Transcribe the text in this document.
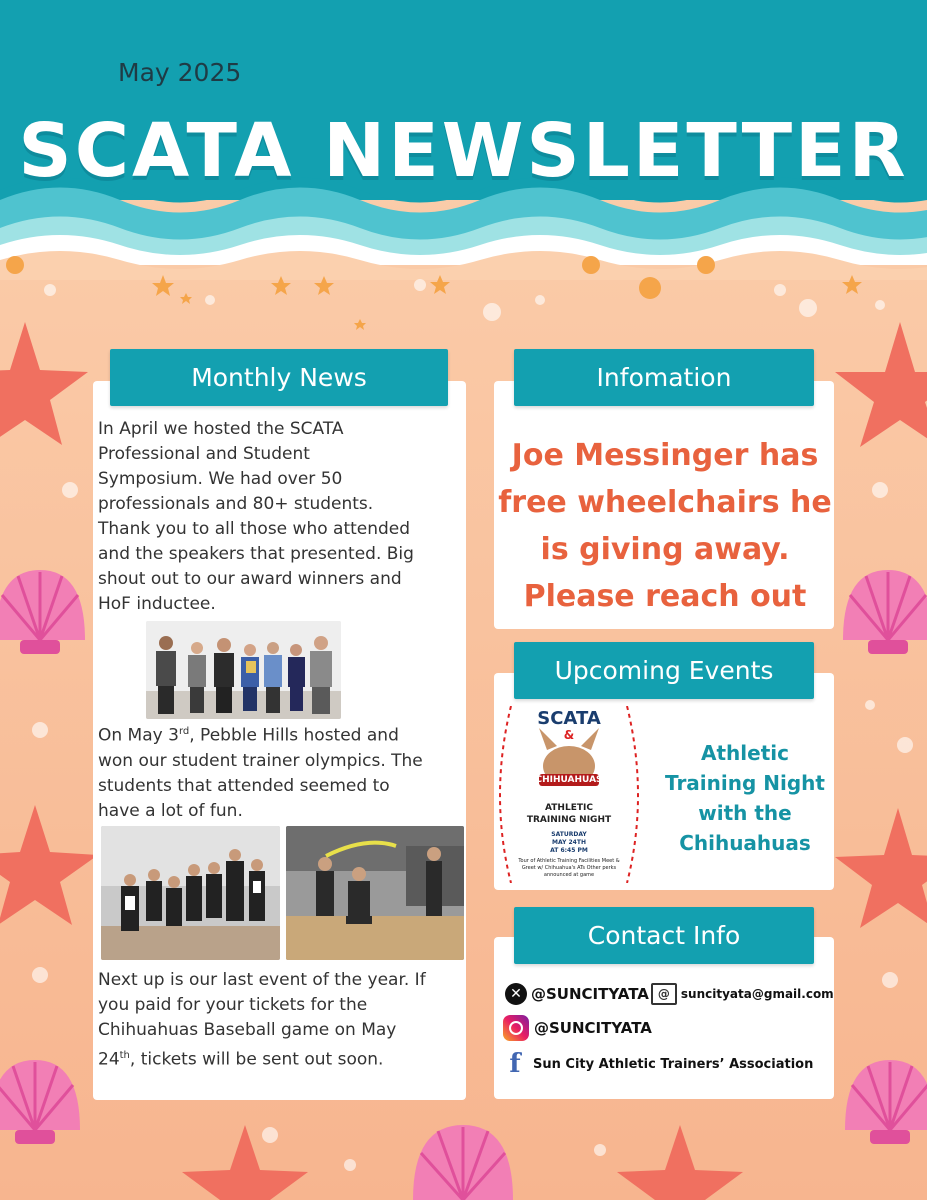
May 2025
SCATA NEWSLETTER
Monthly News
In April we hosted the SCATA Professional and Student Symposium. We had over 50 professionals and 80+ students. Thank you to all those who attended and the speakers that presented. Big shout out to our award winners and HoF inductee.
On May 3rd, Pebble Hills hosted and won our student trainer olympics. The students that attended seemed to have a lot of fun.
Next up is our last event of the year. If you paid for your tickets for the Chihuahuas Baseball game on May 24th, tickets will be sent out soon.
Infomation
Joe Messinger has free wheelchairs he is giving away. Please reach out
Upcoming Events
SCATA
&
CHIHUAHUAS
ATHLETIC TRAINING NIGHT
SATURDAY
MAY 24TH
AT 6:45 PM
Tour of Athletic Training Facilities Meet & Greet w/ Chihuahua's ATs Other perks announced at game
Athletic Training Night with the Chihuahuas
Contact Info
✕ @SUNCITYATA @ suncityata@gmail.com
@SUNCITYATA
f Sun City Athletic Trainers’ Association
